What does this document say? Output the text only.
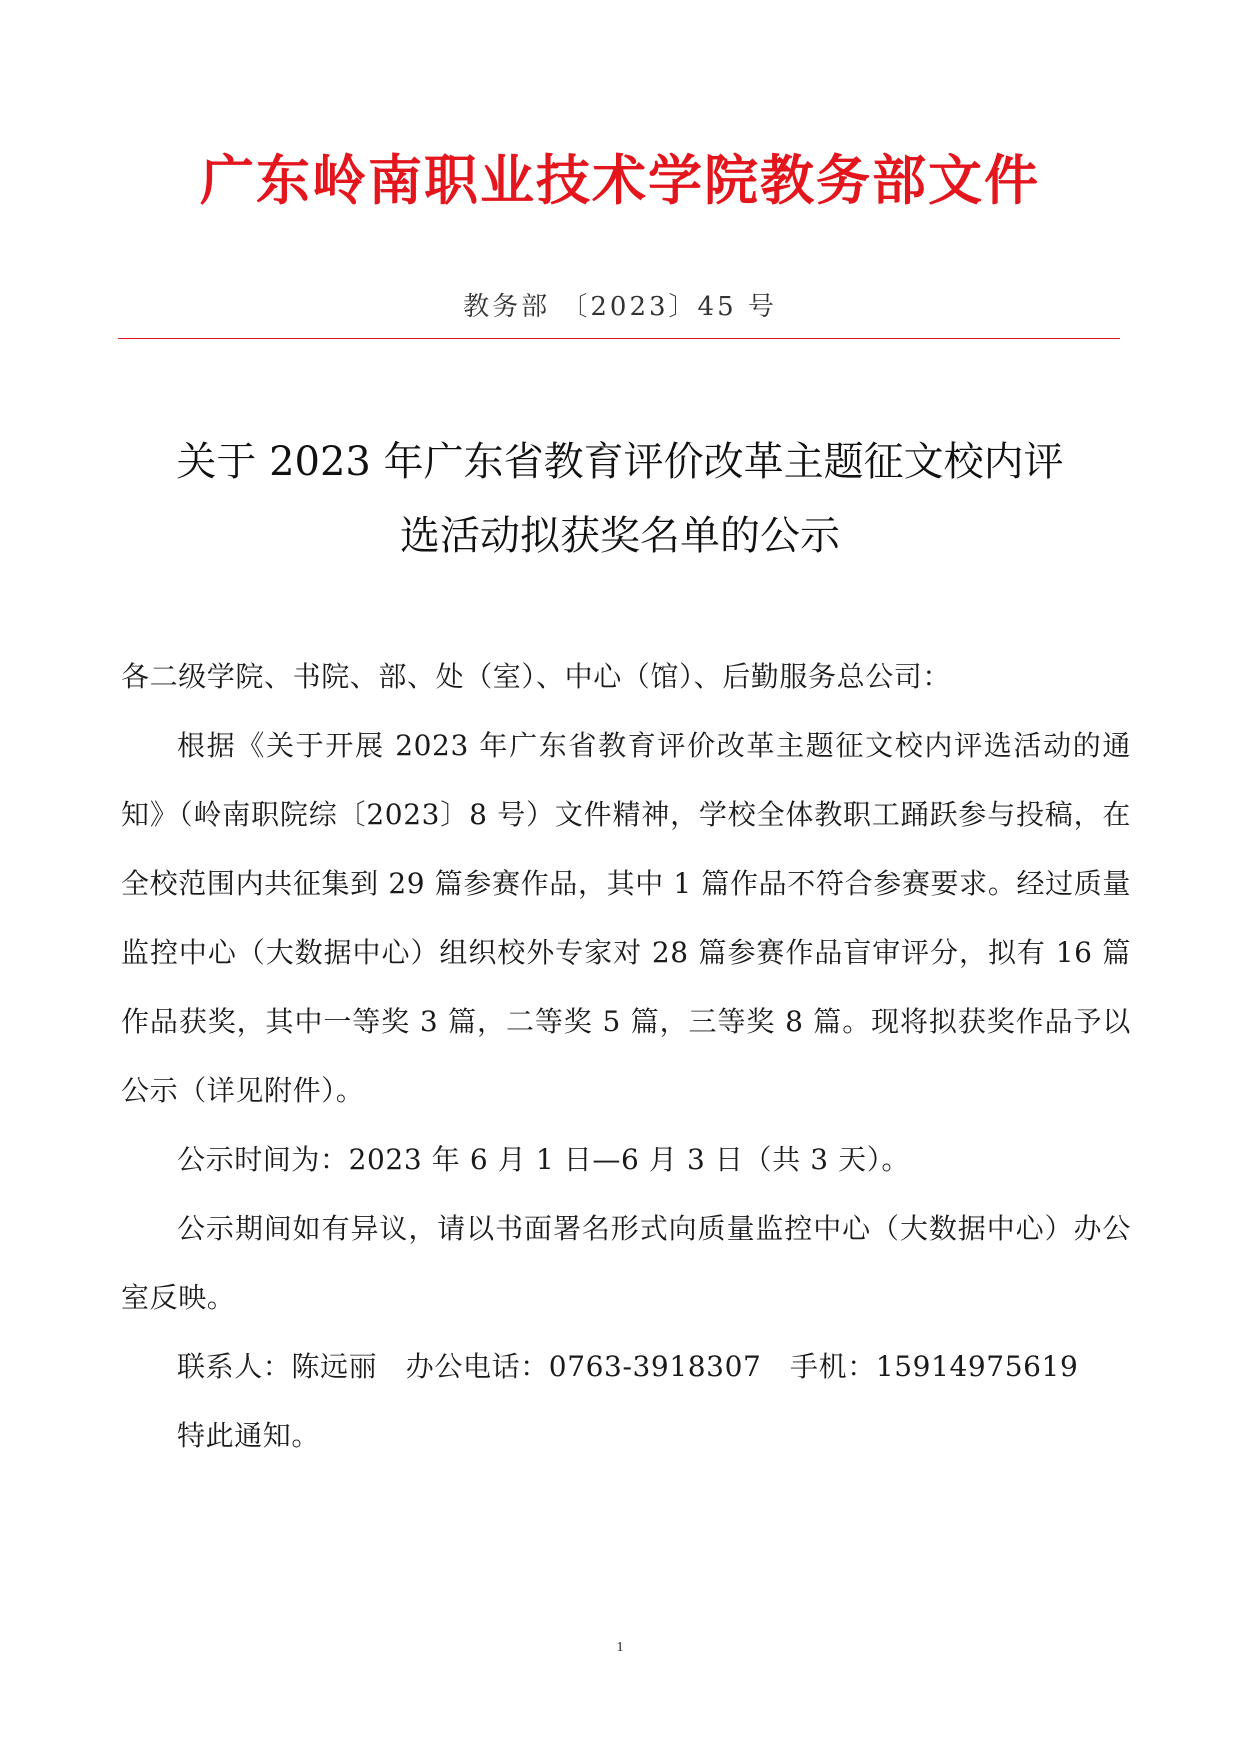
广东岭南职业技术学院教务部文件
教务部 〔2023〕45 号
关于 2023 年广东省教育评价改革主题征文校内评
选活动拟获奖名单的公示

各二级学院、书院、部、处（室）、中心（馆）、后勤服务总公司：

根据《关于开展 2023 年广东省教育评价改革主题征文校内评选活动的通知》（岭南职院综〔2023〕8 号）文件精神，学校全体教职工踊跃参与投稿，在全校范围内共征集到 29 篇参赛作品，其中 1 篇作品不符合参赛要求。经过质量监控中心（大数据中心）组织校外专家对 28 篇参赛作品盲审评分，拟有 16 篇作品获奖，其中一等奖 3 篇，二等奖 5 篇，三等奖 8 篇。现将拟获奖作品予以公示（详见附件）。

公示时间为：2023 年 6 月 1 日—6 月 3 日（共 3 天）。

公示期间如有异议，请以书面署名形式向质量监控中心（大数据中心）办公室反映。

联系人：陈远丽　办公电话：0763-3918307　手机：15914975619

特此通知。

1
